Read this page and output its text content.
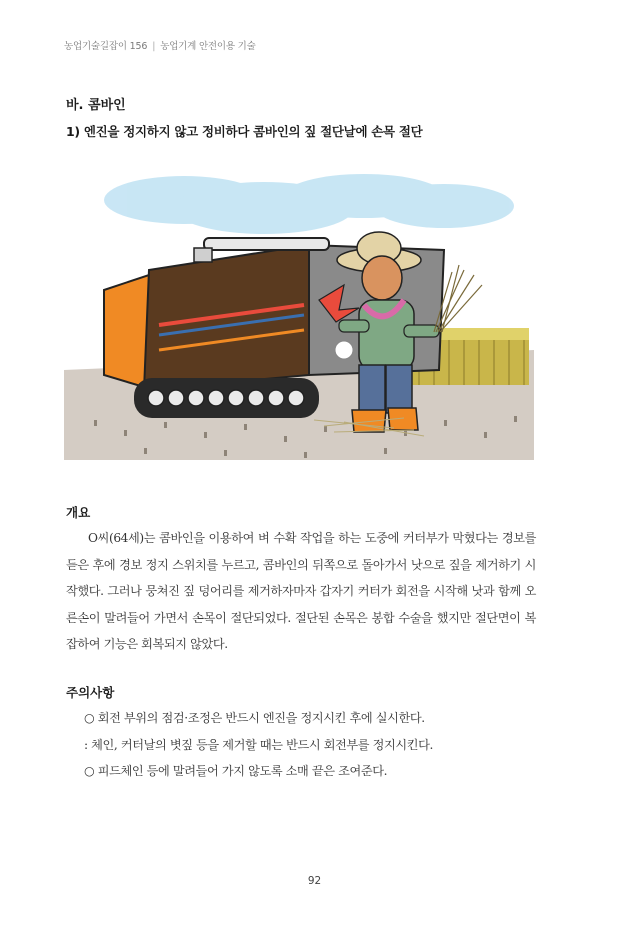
농업기술길잡이 156 | 농업기계 안전이용 기술
바. 콤바인
1) 엔진을 정지하지 않고 정비하다 콤바인의 짚 절단날에 손목 절단
개요
O씨(64세)는 콤바인을 이용하여 벼 수확 작업을 하는 도중에 커터부가 막혔다는 경보를 듣은 후에 경보 정지 스위치를 누르고, 콤바인의 뒤쪽으로 돌아가서 낫으로 짚을 제거하기 시작했다. 그러나 뭉쳐진 짚 덩어리를 제거하자마자 갑자기 커터가 회전을 시작해 낫과 함께 오른손이 말려들어 가면서 손목이 절단되었다. 절단된 손목은 봉합 수술을 했지만 절단면이 복잡하여 기능은 회복되지 않았다.
주의사항
○ 회전 부위의 점검·조정은 반드시 엔진을 정지시킨 후에 실시한다.
: 체인, 커터날의 볏짚 등을 제거할 때는 반드시 회전부를 정지시킨다.
○ 피드체인 등에 말려들어 가지 않도록 소매 끝은 조여준다.
92
